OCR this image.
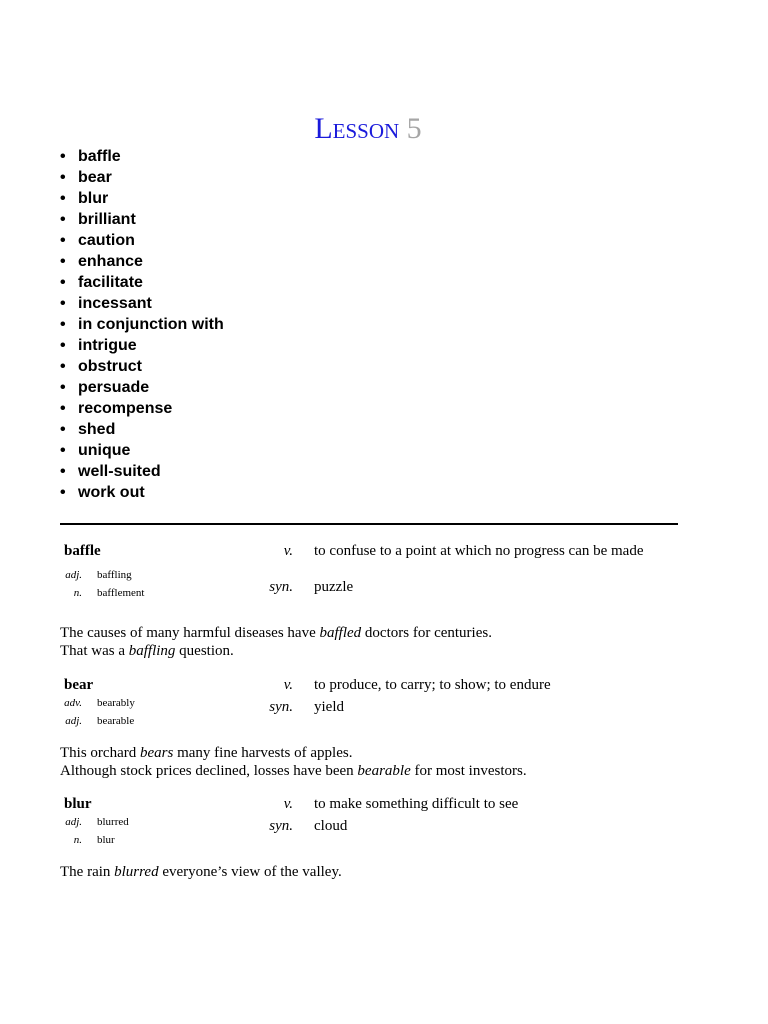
Lesson 5
• baffle
• bear
• blur
• brilliant
• caution
• enhance
• facilitate
• incessant
• in conjunction with
• intrigue
• obstruct
• persuade
• recompense
• shed
• unique
• well-suited
• work out
baffle
adj. baffling
n. bafflement
v. to confuse to a point at which no progress can be made
syn. puzzle
The causes of many harmful diseases have baffled doctors for centuries.
That was a baffling question.
bear
adv. bearably
adj. bearable
v. to produce, to carry; to show; to endure
syn. yield
This orchard bears many fine harvests of apples.
Although stock prices declined, losses have been bearable for most investors.
blur
adj. blurred
n. blur
v. to make something difficult to see
syn. cloud
The rain blurred everyone’s view of the valley.
